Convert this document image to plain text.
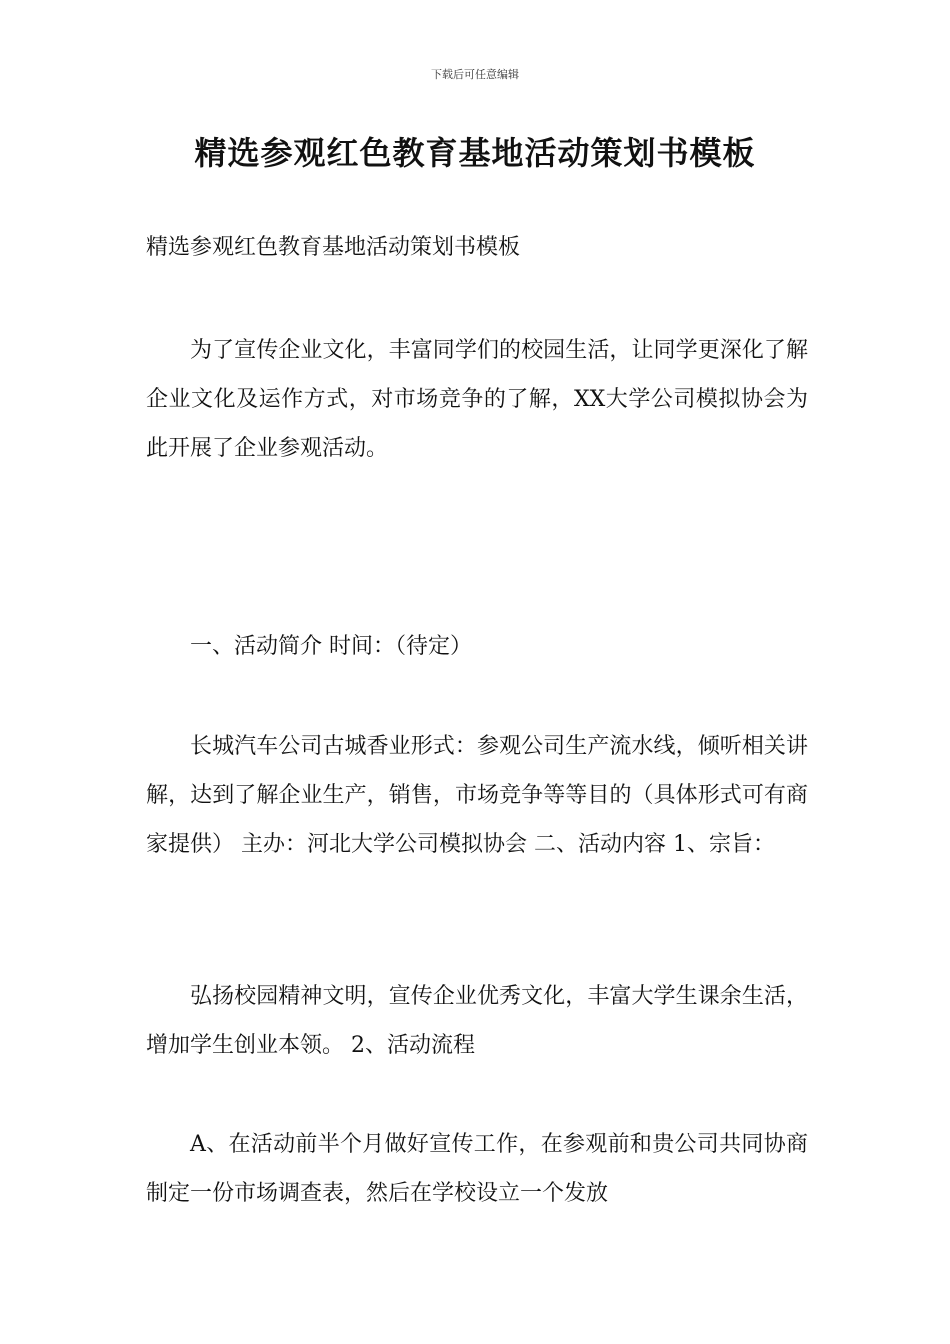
下载后可任意编辑
精选参观红色教育基地活动策划书模板

精选参观红色教育基地活动策划书模板

为了宣传企业文化，丰富同学们的校园生活，让同学更深化了解企业文化及运作方式，对市场竞争的了解，XX大学公司模拟协会为此开展了企业参观活动。

一、活动简介 时间：（待定）

长城汽车公司古城香业形式：参观公司生产流水线，倾听相关讲解，达到了解企业生产，销售，市场竞争等等目的（具体形式可有商家提供） 主办：河北大学公司模拟协会 二、活动内容 1、宗旨：

弘扬校园精神文明，宣传企业优秀文化，丰富大学生课余生活，增加学生创业本领。 2、活动流程

A、在活动前半个月做好宣传工作，在参观前和贵公司共同协商制定一份市场调查表，然后在学校设立一个发放
